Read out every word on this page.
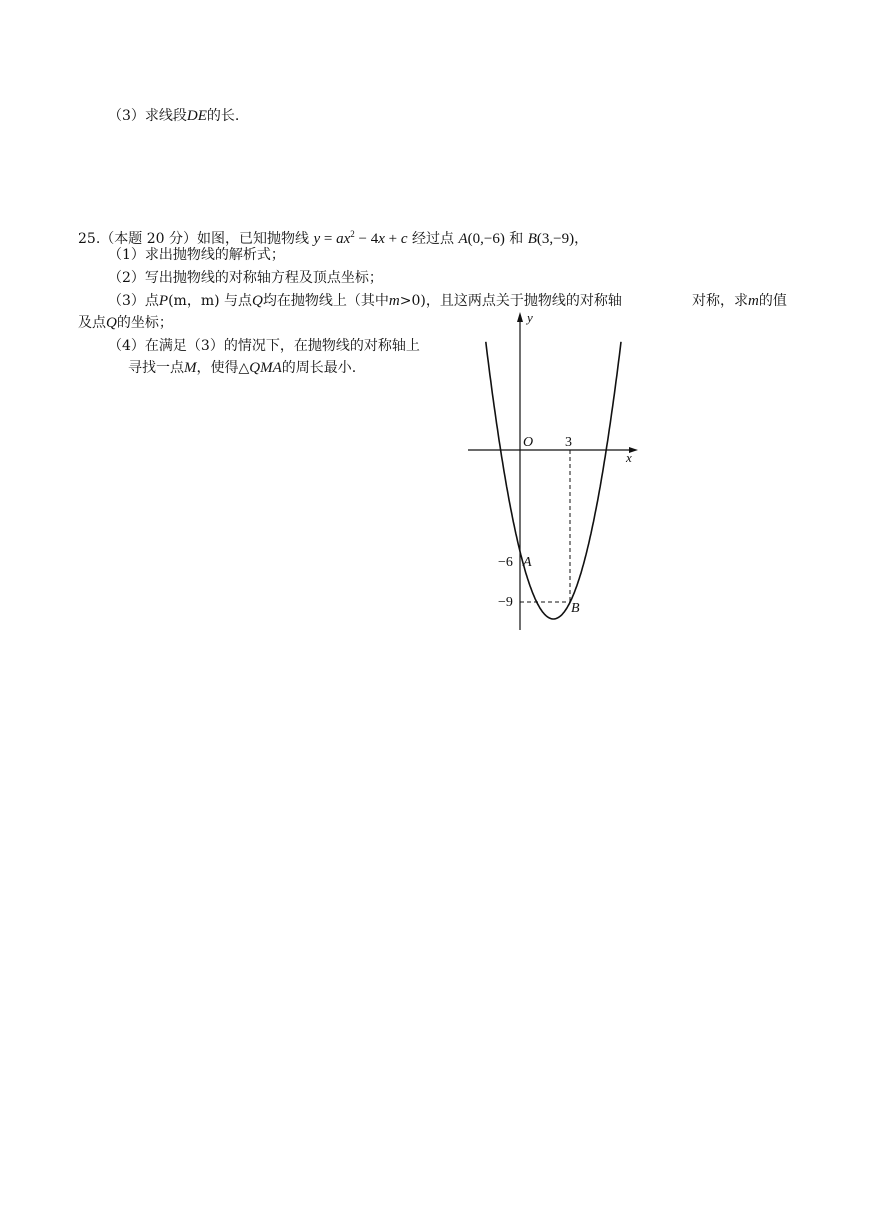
（3）求线段DE的长.
25.（本题 20 分）如图，已知抛物线 $y = ax^2 - 4x + c$ 经过点 A(0,−6) 和 B(3,−9)，
（1）求出抛物线的解析式；
（2）写出抛物线的对称轴方程及顶点坐标；
（3）点P(m，m) 与点Q均在抛物线上（其中m>0)，且这两点关于抛物线的对称轴	对称，求m的值
及点Q的坐标；
（4）在满足（3）的情况下，在抛物线的对称轴上
寻找一点M，使得△QMA的周长最小.
y
x
O 3
−6 A
−9	B
